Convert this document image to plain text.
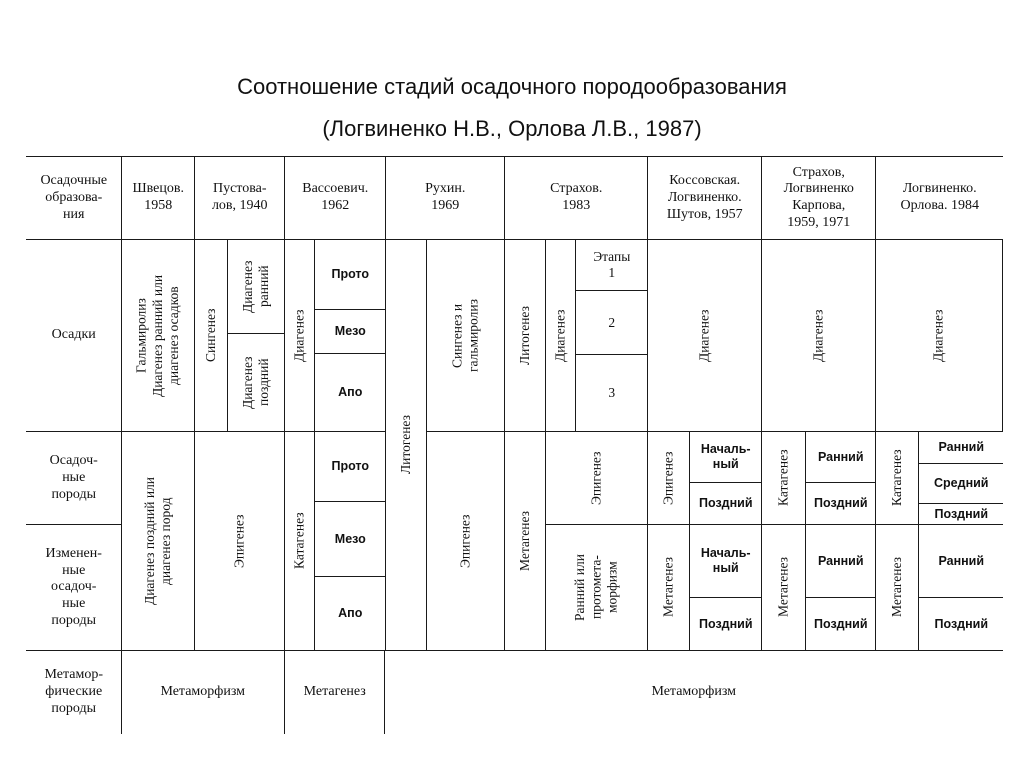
Соотношение стадий осадочного породообразования
(Логвиненко Н.В., Орлова Л.В., 1987)
Осадочные
образова-
ния
Швецов.
1958
Пустова-
лов, 1940
Вассоевич.
1962
Рухин.
1969
Страхов.
1983
Коссовская.
Логвиненко.
Шутов, 1957
Страхов,
Логвиненко
Карпова,
1959, 1971
Логвиненко.
Орлова. 1984
Осадки
Осадоч-
ные
породы
Изменен-
ные
осадоч-
ные
породы
Метамор-
фические
породы
Гальмиролиз
Диагенез ранний или
диагенез осадков
Диагенез поздний или
диагенез пород
Метаморфизм
Сингенез
Диагенез
ранний
Диагенез
поздний
Эпигенез
Диагенез
Прото
Мезо
Апо
Катагенез
Прото
Мезо
Апо
Метагенез
Литогенез
Сингенез и
гальмиролиз
Эпигенез
Метаморфизм
Литогенез	Диагенез
Этапы
1
2
3
Метагенез
Эпигенез
Ранний или
протомета-
морфизм
Диагенез
Эпигенез
Метагенез
Началь-
ный
Поздний
Началь-
ный
Поздний
Диагенез
Катагенез
Метагенез
Ранний
Поздний
Ранний
Поздний
Диагенез
Катагенез
Метагенез
Ранний
Средний
Поздний
Ранний
Поздний
